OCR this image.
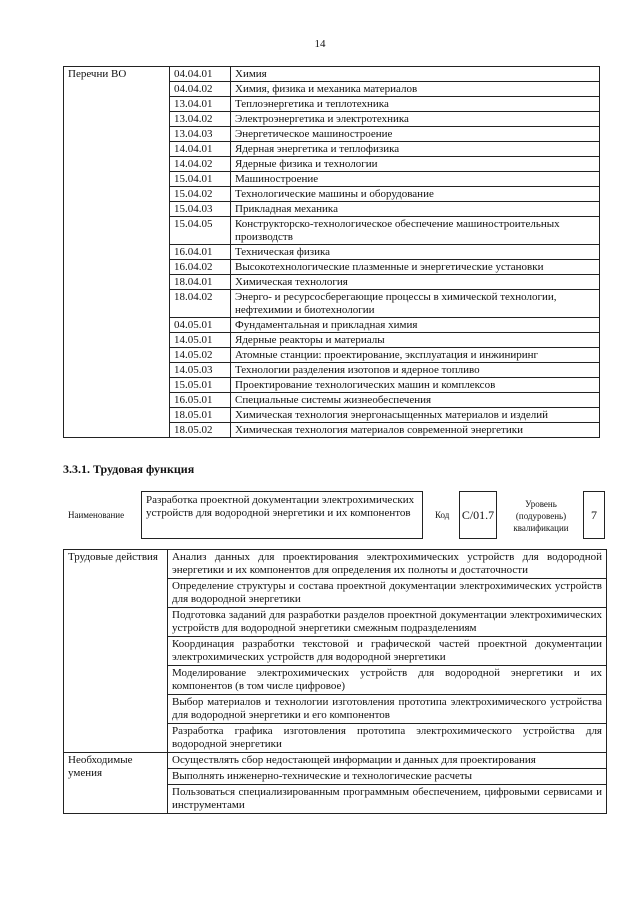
14
Перечни ВО	04.04.01	Химия
	04.04.02	Химия, физика и механика материалов
	13.04.01	Теплоэнергетика и теплотехника
	13.04.02	Электроэнергетика и электротехника
	13.04.03	Энергетическое машиностроение
	14.04.01	Ядерная энергетика и теплофизика
	14.04.02	Ядерные физика и технологии
	15.04.01	Машиностроение
	15.04.02	Технологические машины и оборудование
	15.04.03	Прикладная механика
	15.04.05	Конструкторско-технологическое обеспечение машиностроительных производств
	16.04.01	Техническая физика
	16.04.02	Высокотехнологические плазменные и энергетические установки
	18.04.01	Химическая технология
	18.04.02	Энерго- и ресурсосберегающие процессы в химической технологии, нефтехимии и биотехнологии
	04.05.01	Фундаментальная и прикладная химия
	14.05.01	Ядерные реакторы и материалы
	14.05.02	Атомные станции: проектирование, эксплуатация и инжиниринг
	14.05.03	Технологии разделения изотопов и ядерное топливо
	15.05.01	Проектирование технологических машин и комплексов
	16.05.01	Специальные системы жизнеобеспечения
	18.05.01	Химическая технология энергонасыщенных материалов и изделий
	18.05.02	Химическая технология материалов современной энергетики
3.3.1. Трудовая функция
Наименование
Разработка проектной документации электрохимических устройств для водородной энергетики и их компонентов	Код C/01.7
Уровень (подуровень) квалификации
7
Трудовые действия	Анализ данных для проектирования электрохимических устройств для водородной энергетики и их компонентов для определения их полноты и достаточности
	Определение структуры и состава проектной документации электрохимических устройств для водородной энергетики
	Подготовка заданий для разработки разделов проектной документации электрохимических устройств для водородной энергетики смежным подразделениям
	Координация разработки текстовой и графической частей проектной документации электрохимических устройств для водородной энергетики
	Моделирование электрохимических устройств для водородной энергетики и их компонентов (в том числе цифровое)
	Выбор материалов и технологии изготовления прототипа электрохимического устройства для водородной энергетики и его компонентов
	Разработка графика изготовления прототипа электрохимического устройства для водородной энергетики
Необходимые умения	Осуществлять сбор недостающей информации и данных для проектирования
	Выполнять инженерно-технические и технологические расчеты
	Пользоваться специализированным программным обеспечением, цифровыми сервисами и инструментами
